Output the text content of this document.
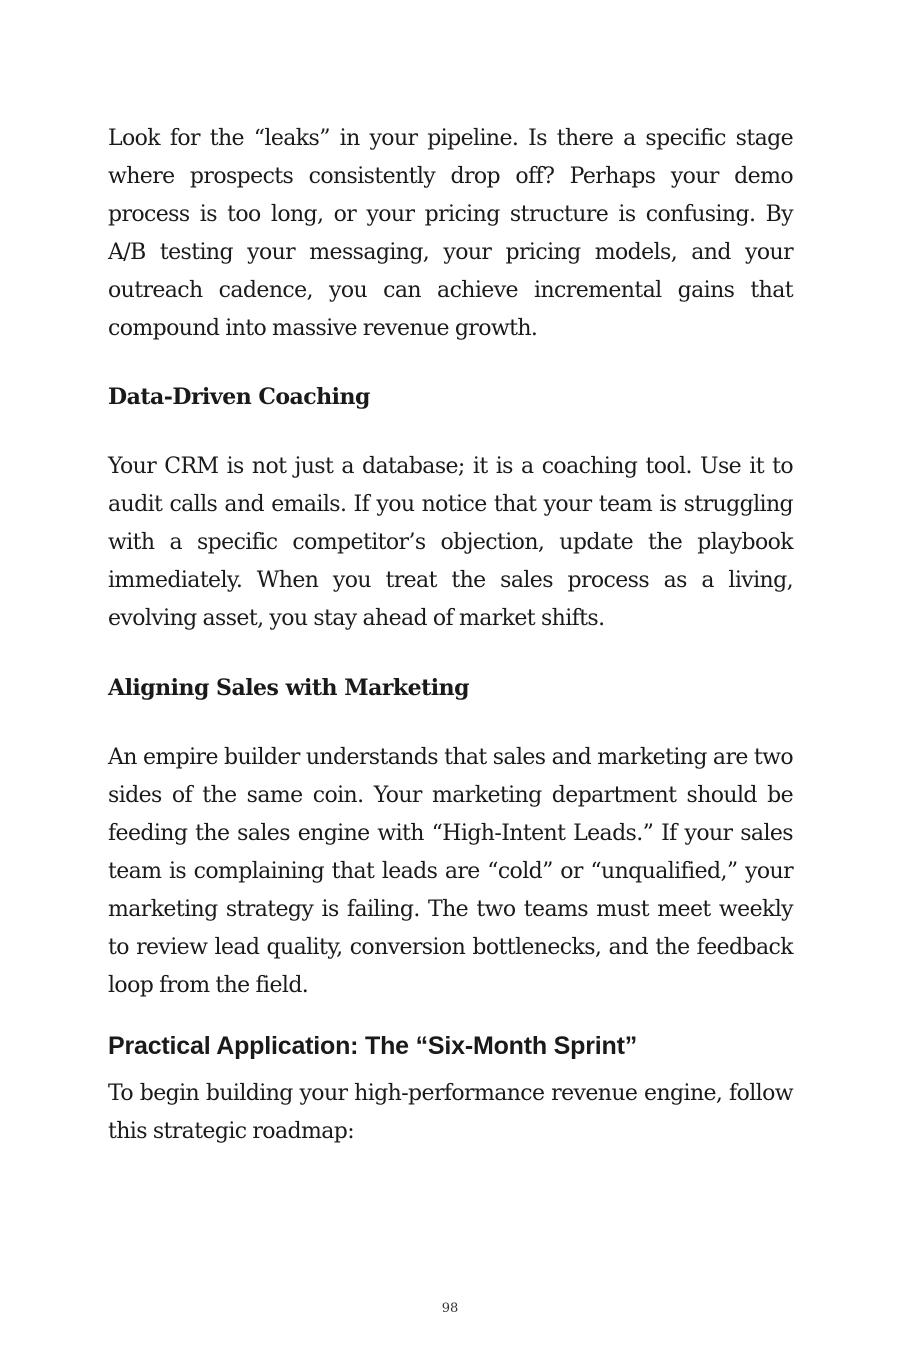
Look for the “leaks” in your pipeline. Is there a specific stage where prospects consistently drop off? Perhaps your demo process is too long, or your pricing structure is confusing. By A/B testing your messaging, your pricing models, and your outreach cadence, you can achieve incremental gains that compound into massive revenue growth.

Data-Driven Coaching

Your CRM is not just a database; it is a coaching tool. Use it to audit calls and emails. If you notice that your team is struggling with a specific competitor’s objection, update the playbook immediately. When you treat the sales process as a living, evolving asset, you stay ahead of market shifts.

Aligning Sales with Marketing

An empire builder understands that sales and marketing are two sides of the same coin. Your marketing department should be feeding the sales engine with “High-Intent Leads.” If your sales team is complaining that leads are “cold” or “unqualified,” your marketing strategy is failing. The two teams must meet weekly to review lead quality, conversion bottlenecks, and the feedback loop from the field.

Practical Application: The “Six-Month Sprint”

To begin building your high-performance revenue engine, follow this strategic roadmap:

98
